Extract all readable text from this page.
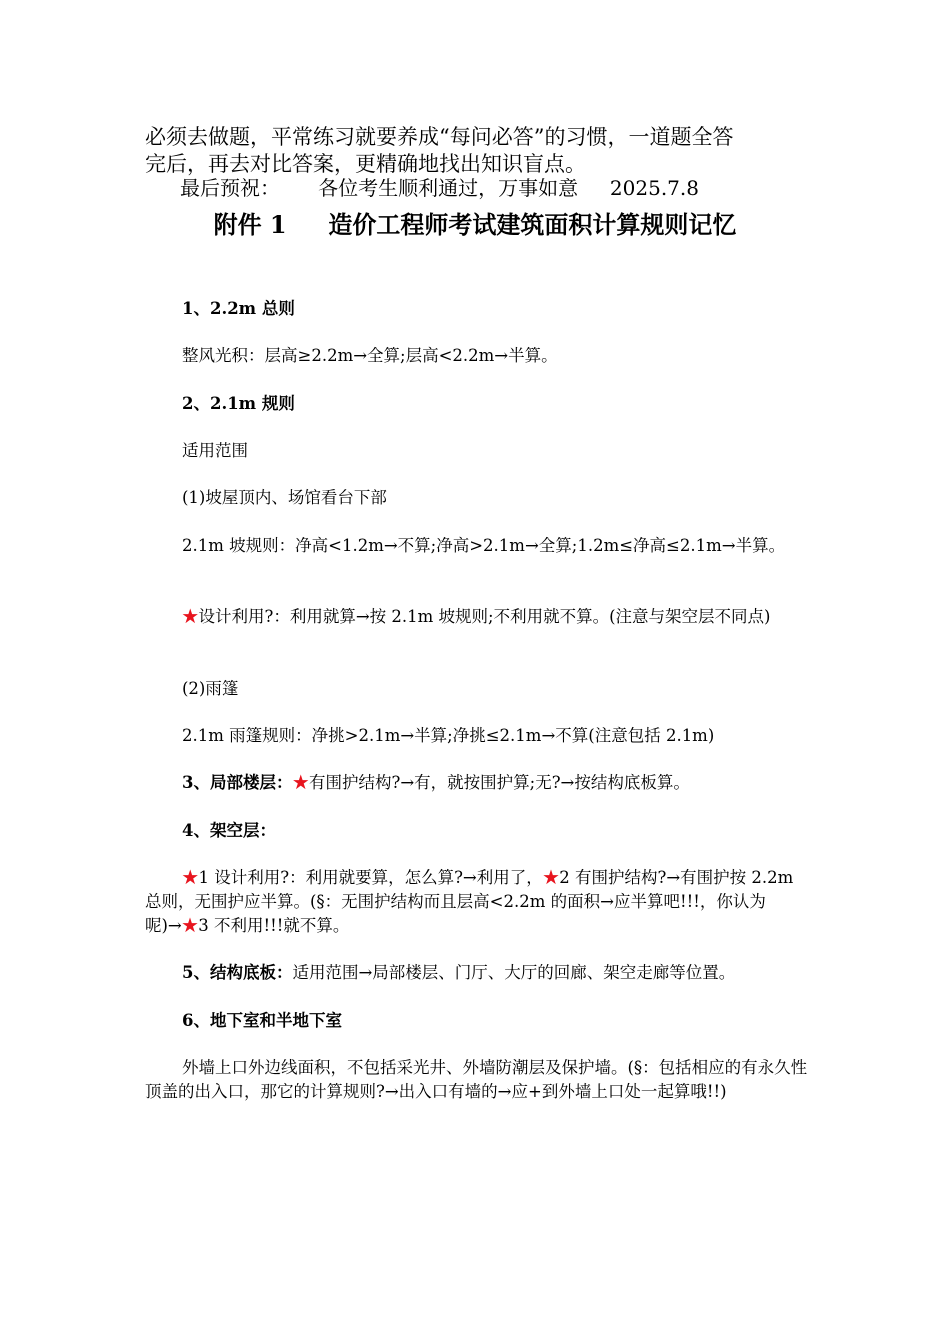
必须去做题，平常练习就要养成“每问必答”的习惯，一道题全答
完后，再去对比答案，更精确地找出知识盲点。

最后预祝：      各位考生顺利通过，万事如意     2025.7.8

附件 1     造价工程师考试建筑面积计算规则记忆

1、2.2m 总则

整风光积：层高≥2.2m→全算;层高<2.2m→半算。

2、2.1m 规则

适用范围

(1)坡屋顶内、场馆看台下部

2.1m 坡规则：净高<1.2m→不算;净高>2.1m→全算;1.2m≤净高≤2.1m→半算。

★设计利用?：利用就算→按 2.1m 坡规则;不利用就不算。(注意与架空层不同点)

(2)雨篷

2.1m 雨篷规则：净挑>2.1m→半算;净挑≤2.1m→不算(注意包括 2.1m)

3、局部楼层：★有围护结构?→有，就按围护算;无?→按结构底板算。

4、架空层：

★1 设计利用?：利用就要算，怎么算?→利用了，★2 有围护结构?→有围护按 2.2m 总则，无围护应半算。(§：无围护结构而且层高<2.2m 的面积→应半算吧!!!，你认为呢)→★3 不利用!!!就不算。

5、结构底板：适用范围→局部楼层、门厅、大厅的回廊、架空走廊等位置。

6、地下室和半地下室

外墙上口外边线面积，不包括采光井、外墙防潮层及保护墙。(§：包括相应的有永久性顶盖的出入口，那它的计算规则?→出入口有墙的→应+到外墙上口处一起算哦!!)
